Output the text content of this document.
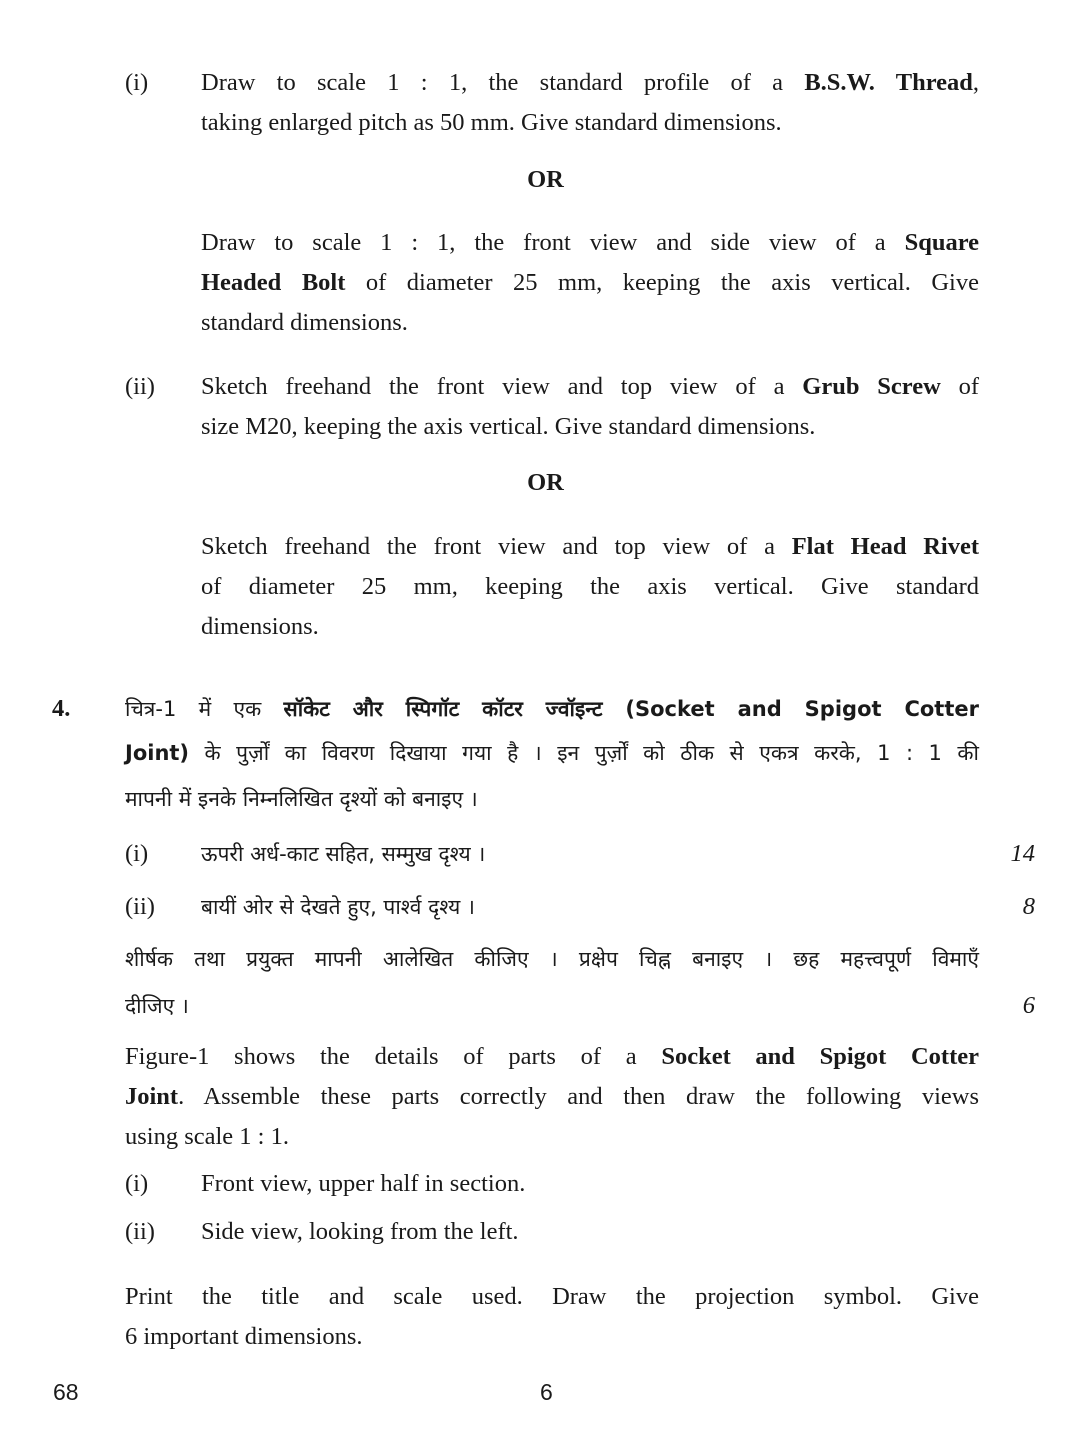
(i) Draw to scale 1 : 1, the standard profile of a B.S.W. Thread,
taking enlarged pitch as 50 mm. Give standard dimensions.
OR
Draw to scale 1 : 1, the front view and side view of a Square
Headed Bolt of diameter 25 mm, keeping the axis vertical. Give
standard dimensions.
(ii) Sketch freehand the front view and top view of a Grub Screw of
size M20, keeping the axis vertical. Give standard dimensions.
OR
Sketch freehand the front view and top view of a Flat Head Rivet
of diameter 25 mm, keeping the axis vertical. Give standard
dimensions.
4.	चित्र-1 में एक सॉकेट और स्पिगॉट कॉटर ज्वॉइन्ट (Socket and Spigot Cotter
Joint) के पुर्ज़ों का विवरण दिखाया गया है । इन पुर्ज़ों को ठीक से एकत्र करके, 1 : 1 की
मापनी में इनके निम्नलिखित दृश्यों को बनाइए ।
(i)	ऊपरी अर्ध-काट सहित, सम्मुख दृश्य ।	14
(ii) बायीं ओर से देखते हुए, पार्श्व दृश्य ।	8
शीर्षक तथा प्रयुक्त मापनी आलेखित कीजिए । प्रक्षेप चिह्न बनाइए । छह महत्त्वपूर्ण विमाएँ
दीजिए ।	6
Figure-1 shows the details of parts of a Socket and Spigot Cotter
Joint. Assemble these parts correctly and then draw the following views
using scale 1 : 1.
(i) Front view, upper half in section.
(ii) Side view, looking from the left.
Print the title and scale used. Draw the projection symbol. Give
6 important dimensions.
68	6
